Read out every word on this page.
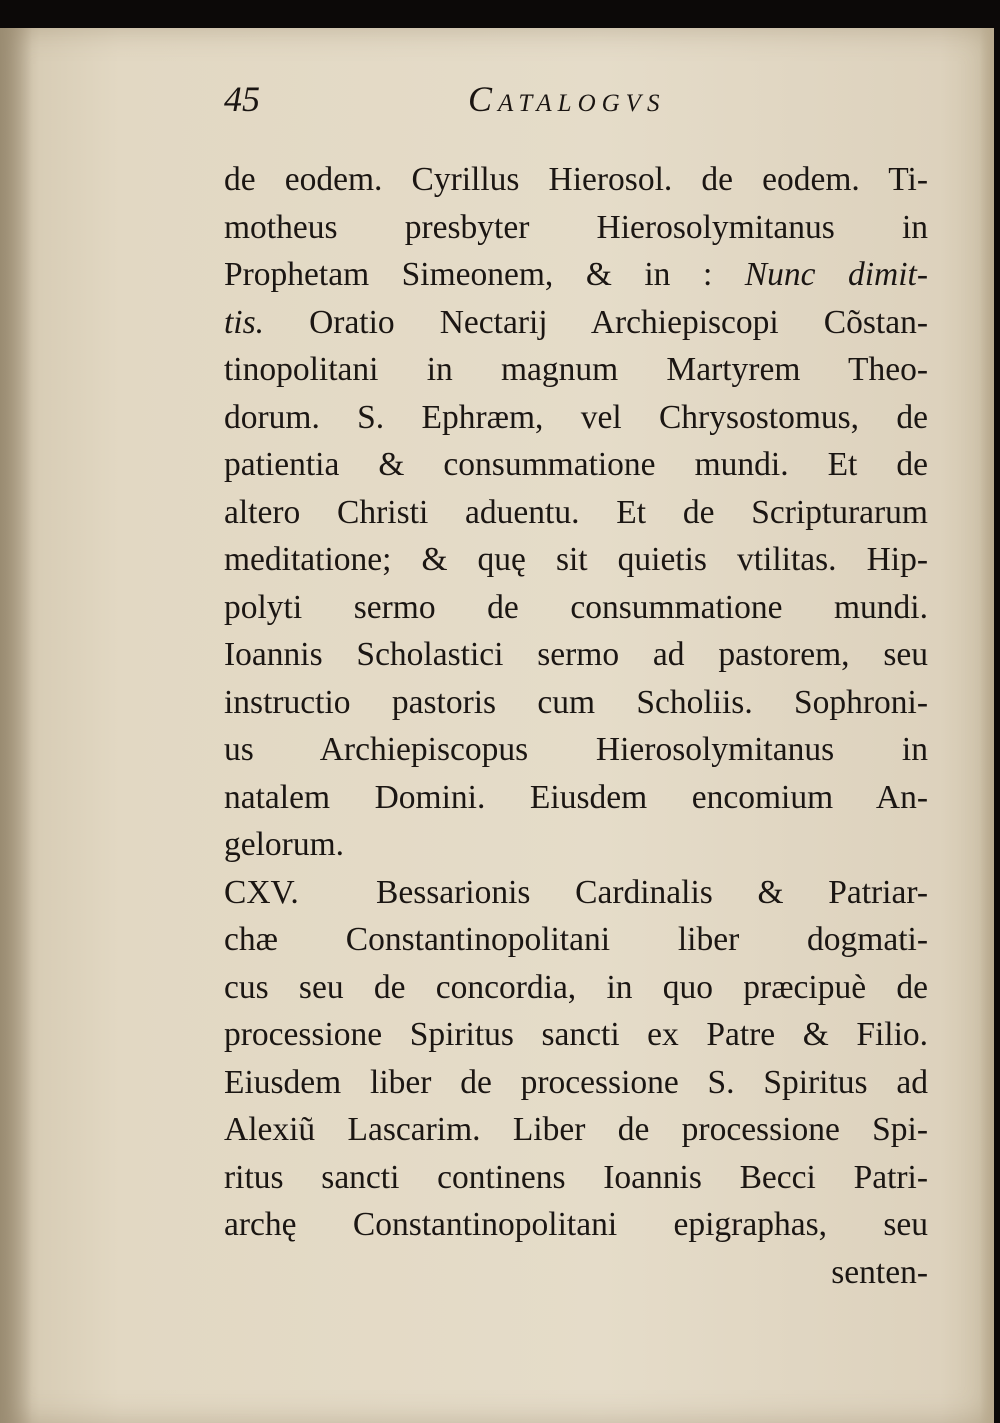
45	Catalogvs
de eodem. Cyrillus Hierosol. de eodem. Ti-
motheus presbyter Hierosolymitanus in
Prophetam Simeonem, & in : Nunc dimit-
tis. Oratio Nectarij Archiepiscopi Cõstan-
tinopolitani in magnum Martyrem Theo-
dorum. S. Ephræm, vel Chrysostomus, de
patientia & consummatione mundi. Et de
altero Christi aduentu. Et de Scripturarum
meditatione; & quę sit quietis vtilitas. Hip-
polyti sermo de consummatione mundi.
Ioannis Scholastici sermo ad pastorem, seu
instructio pastoris cum Scholiis. Sophroni-
us Archiepiscopus Hierosolymitanus in
natalem Domini. Eiusdem encomium An-
gelorum.
CXV. Bessarionis Cardinalis & Patriar-
chæ Constantinopolitani liber dogmati-
cus seu de concordia, in quo præcipuè de
processione Spiritus sancti ex Patre & Filio.
Eiusdem liber de processione S. Spiritus ad
Alexiũ Lascarim. Liber de processione Spi-
ritus sancti continens Ioannis Becci Patri-
archę Constantinopolitani epigraphas, seu
senten-
